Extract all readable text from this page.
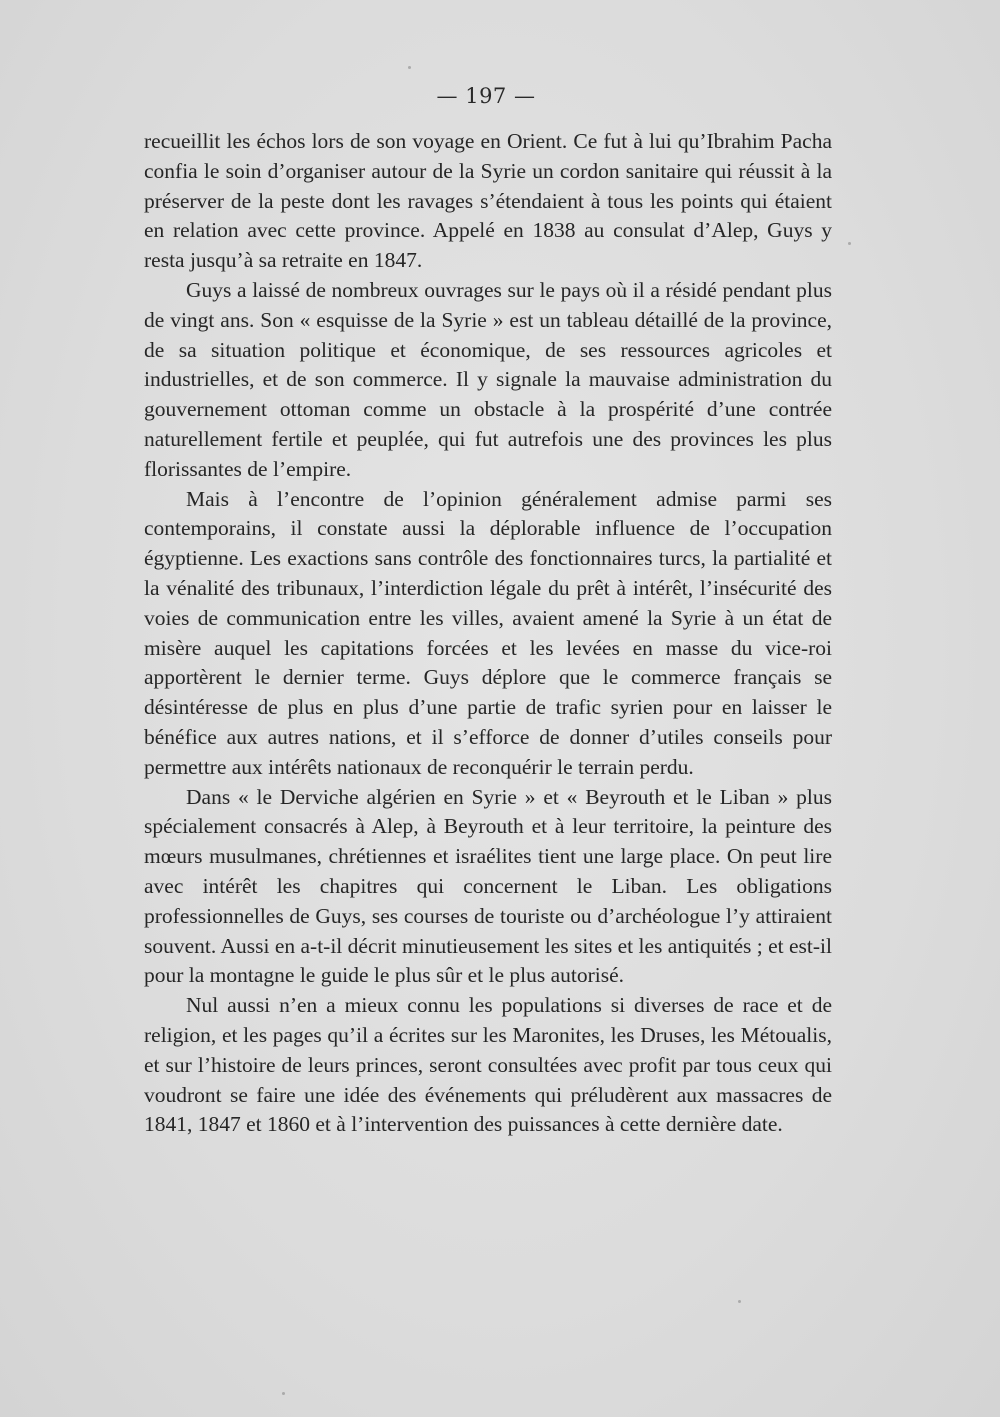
— 197 —

recueillit les échos lors de son voyage en Orient. Ce fut à lui qu’Ibrahim Pacha confia le soin d’organiser autour de la Syrie un cordon sanitaire qui réussit à la préserver de la peste dont les ravages s’étendaient à tous les points qui étaient en relation avec cette province. Appelé en 1838 au consulat d’Alep, Guys y resta jusqu’à sa retraite en 1847.

Guys a laissé de nombreux ouvrages sur le pays où il a résidé pendant plus de vingt ans. Son « esquisse de la Syrie » est un tableau détaillé de la province, de sa situation politique et économique, de ses ressources agricoles et industrielles, et de son commerce. Il y signale la mauvaise administration du gouvernement ottoman comme un obstacle à la prospérité d’une contrée naturellement fertile et peuplée, qui fut autrefois une des provinces les plus florissantes de l’empire.

Mais à l’encontre de l’opinion généralement admise parmi ses contemporains, il constate aussi la déplorable influence de l’occupation égyptienne. Les exactions sans contrôle des fonctionnaires turcs, la partialité et la vénalité des tribunaux, l’interdiction légale du prêt à intérêt, l’insécurité des voies de communication entre les villes, avaient amené la Syrie à un état de misère auquel les capitations forcées et les levées en masse du vice-roi apportèrent le dernier terme. Guys déplore que le commerce français se désintéresse de plus en plus d’une partie de trafic syrien pour en laisser le bénéfice aux autres nations, et il s’efforce de donner d’utiles conseils pour permettre aux intérêts nationaux de reconquérir le terrain perdu.

Dans « le Derviche algérien en Syrie » et « Beyrouth et le Liban » plus spécialement consacrés à Alep, à Beyrouth et à leur territoire, la peinture des mœurs musulmanes, chrétiennes et israélites tient une large place. On peut lire avec intérêt les chapitres qui concernent le Liban. Les obligations professionnelles de Guys, ses courses de touriste ou d’archéologue l’y attiraient souvent. Aussi en a-t-il décrit minutieusement les sites et les antiquités ; et est-il pour la montagne le guide le plus sûr et le plus autorisé.

Nul aussi n’en a mieux connu les populations si diverses de race et de religion, et les pages qu’il a écrites sur les Maronites, les Druses, les Métoualis, et sur l’histoire de leurs princes, seront consultées avec profit par tous ceux qui voudront se faire une idée des événements qui préludèrent aux massacres de 1841, 1847 et 1860 et à l’intervention des puissances à cette dernière date.
